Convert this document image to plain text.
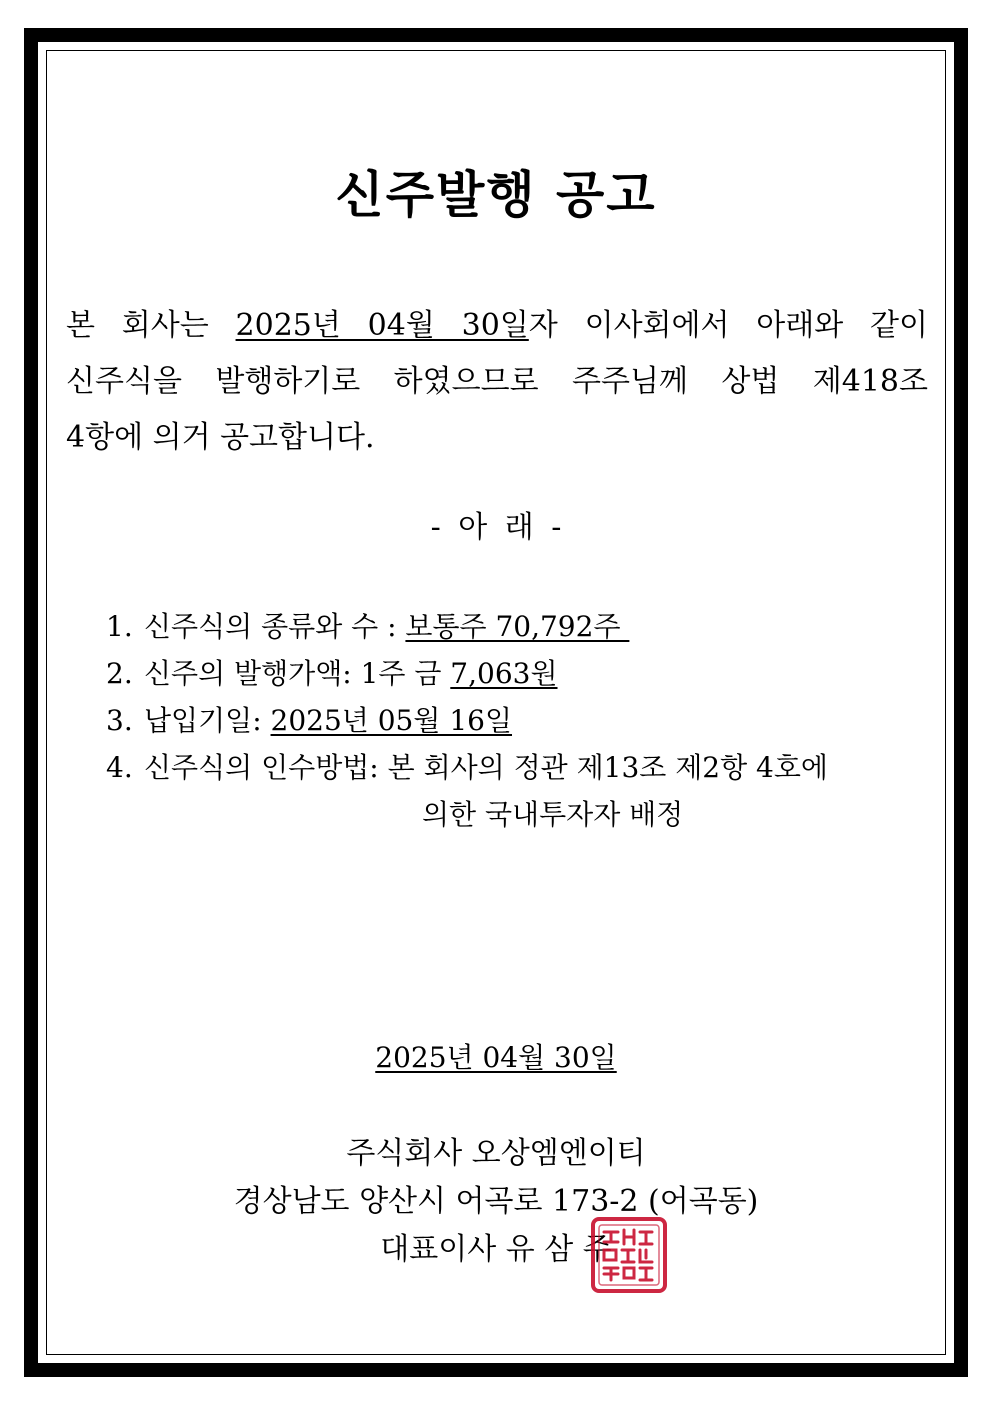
신주발행 공고
본 회사는 2025년 04월 30일자 이사회에서 아래와 같이
신주식을 발행하기로 하였으므로 주주님께 상법 제418조
4항에 의거 공고합니다.
- 아 래 -
1. 신주식의 종류와 수 : 보통주 70,792주
2. 신주의 발행가액: 1주 금 7,063원
3. 납입기일: 2025년 05월 16일
4. 신주식의 인수방법: 본 회사의 정관 제13조 제2항 4호에
의한 국내투자자 배정
2025년 04월 30일
주식회사 오상엠엔이티
경상남도 양산시 어곡로 173-2 (어곡동)
대표이사 유 삼 주
